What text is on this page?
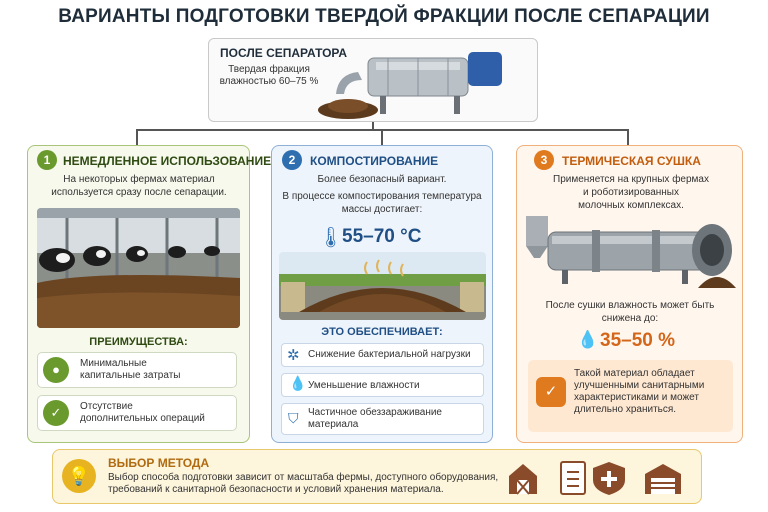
ВАРИАНТЫ ПОДГОТОВКИ ТВЕРДОЙ ФРАКЦИИ ПОСЛЕ СЕПАРАЦИИ
ПОСЛЕ СЕПАРАТОРА
Твердая фракция
влажностью 60–75 %
1	НЕМЕДЛЕННОЕ ИСПОЛЬЗОВАНИЕ
На некоторых фермах материал
используется сразу после сепарации.
ПРЕИМУЩЕСТВА:
●	Минимальные
капитальные затраты
✓	Отсутствие
дополнительных операций
2	КОМПОСТИРОВАНИЕ
Более безопасный вариант.
В процессе компостирования температура
массы достигает:
🌡
55–70 °C
ЭТО ОБЕСПЕЧИВАЕТ:
✲ Снижение бактериальной нагрузки
💧 Уменьшение влажности
⛉ Частичное обеззараживание
материала
3	ТЕРМИЧЕСКАЯ СУШКА
Применяется на крупных фермах
и роботизированных
молочных комплексах.
После сушки влажность может быть
снижена до:
💧 35–50 %
✓
Такой материал обладает
улучшенными санитарными
характеристиками и может
длительно храниться.
💡
ВЫБОР МЕТОДА
Выбор способа подготовки зависит от масштаба фермы, доступного оборудования,
требований к санитарной безопасности и условий хранения материала.
